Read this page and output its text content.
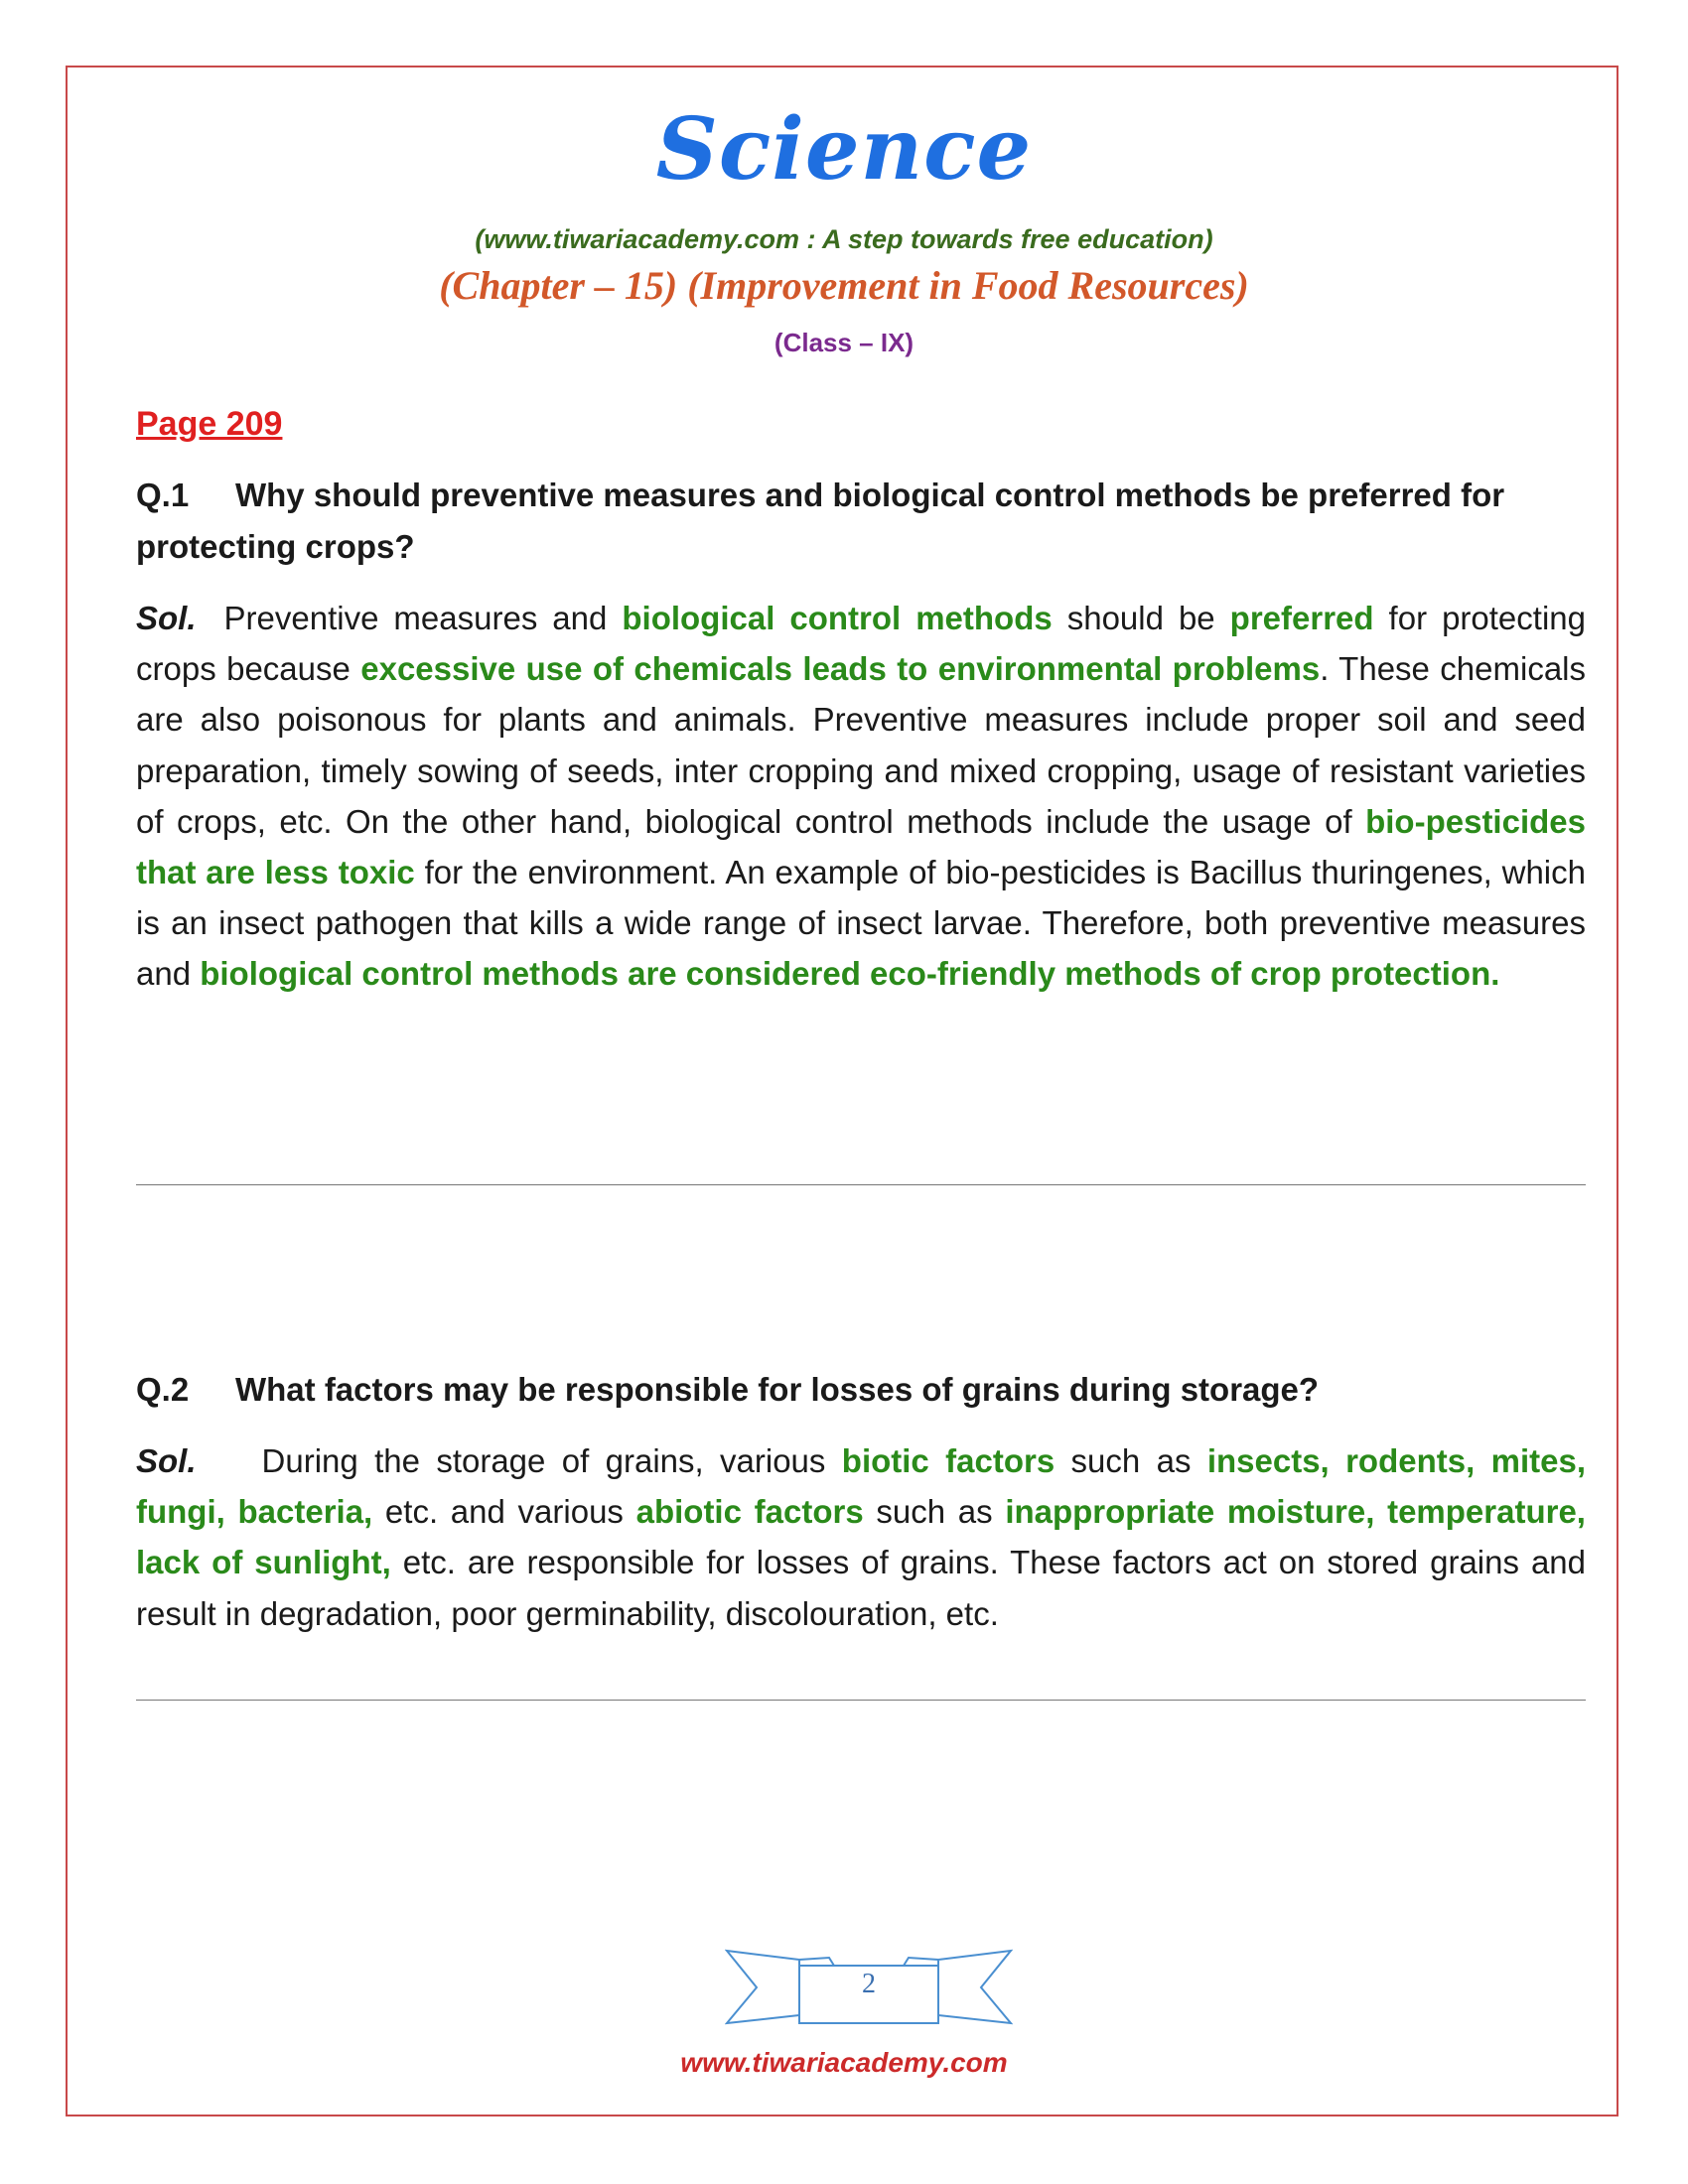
Science
(www.tiwariacademy.com : A step towards free education)
(Chapter – 15) (Improvement in Food Resources)
(Class – IX)
Page 209
Q.1 Why should preventive measures and biological control methods be preferred for protecting crops?
Sol. Preventive measures and biological control methods should be preferred for protecting crops because excessive use of chemicals leads to environmental problems. These chemicals are also poisonous for plants and animals. Preventive measures include proper soil and seed preparation, timely sowing of seeds, inter cropping and mixed cropping, usage of resistant varieties of crops, etc. On the other hand, biological control methods include the usage of bio-pesticides that are less toxic for the environment. An example of bio-pesticides is Bacillus thuringenes, which is an insect pathogen that kills a wide range of insect larvae. Therefore, both preventive measures and biological control methods are considered eco-friendly methods of crop protection.
Q.2 What factors may be responsible for losses of grains during storage?
Sol. During the storage of grains, various biotic factors such as insects, rodents, mites, fungi, bacteria, etc. and various abiotic factors such as inappropriate moisture, temperature, lack of sunlight, etc. are responsible for losses of grains. These factors act on stored grains and result in degradation, poor germinability, discolouration, etc.
2
www.tiwariacademy.com
